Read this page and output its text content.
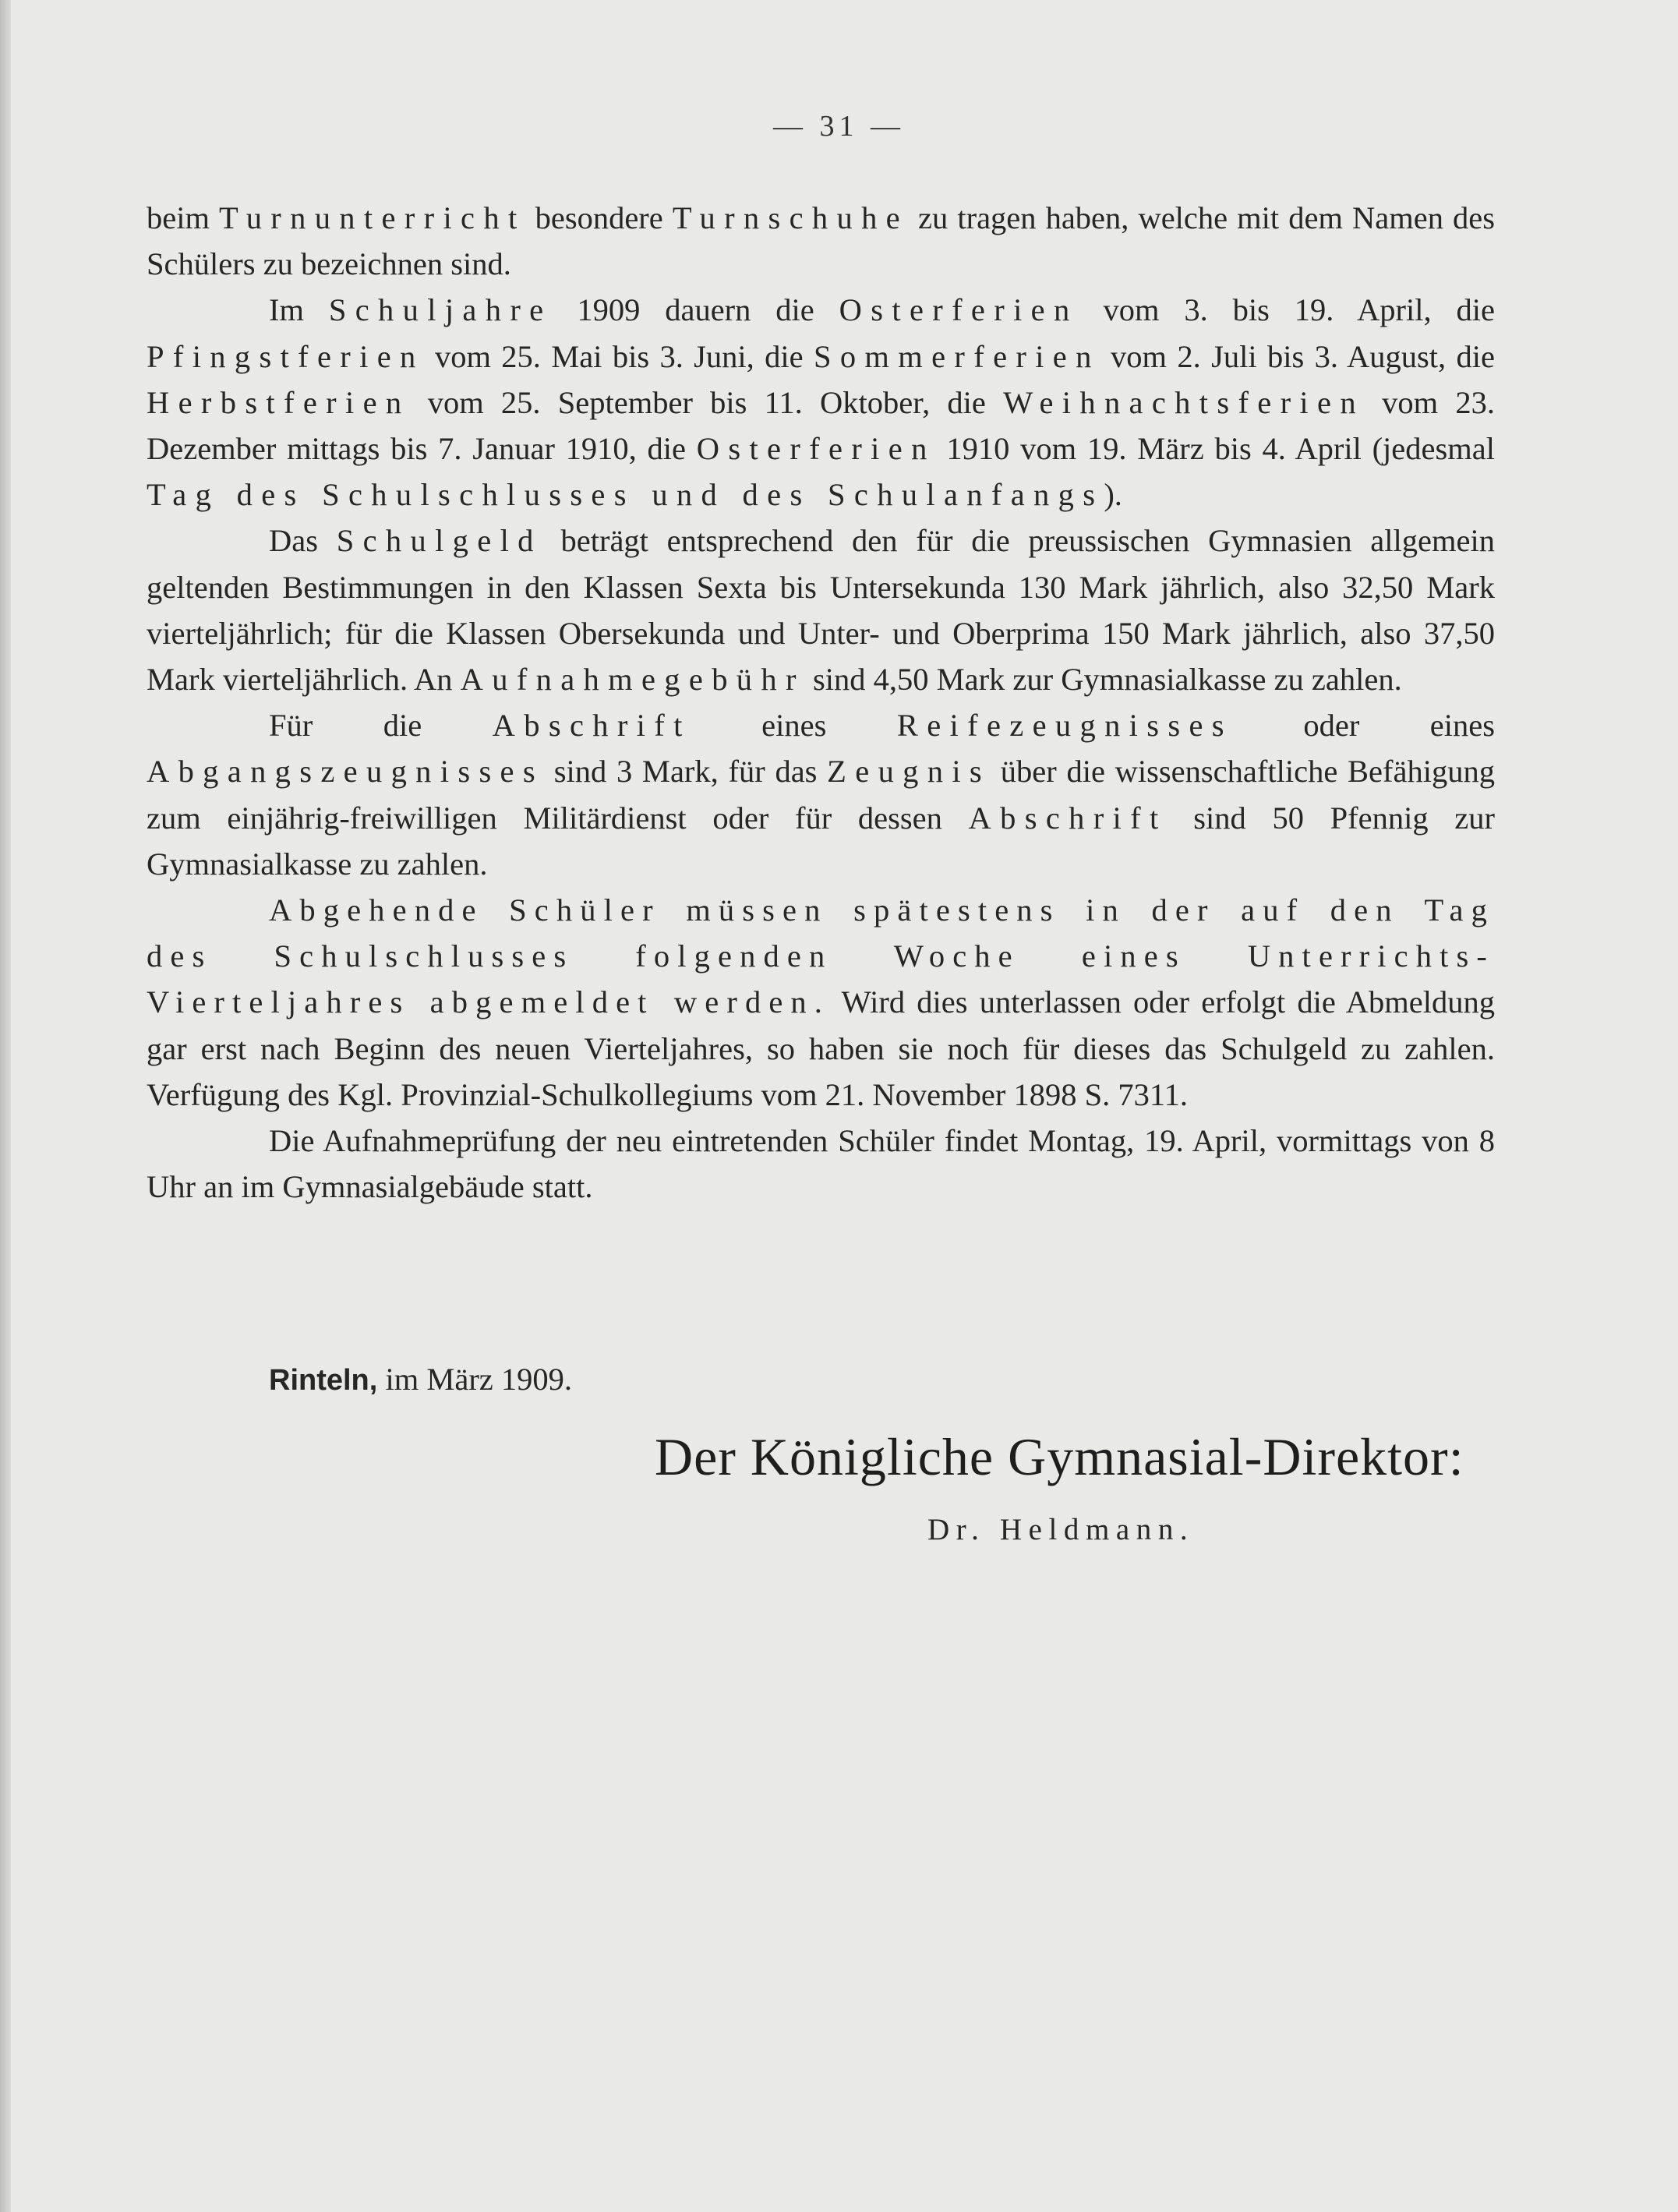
— 31 —

beim Turnunterricht besondere Turnschuhe zu tragen haben, welche mit dem Namen des Schülers zu bezeichnen sind.

Im Schuljahre 1909 dauern die Osterferien vom 3. bis 19. April, die Pfingstferien vom 25. Mai bis 3. Juni, die Sommerferien vom 2. Juli bis 3. August, die Herbstferien vom 25. September bis 11. Oktober, die Weihnachtsferien vom 23. Dezember mittags bis 7. Januar 1910, die Osterferien 1910 vom 19. März bis 4. April (jedesmal Tag des Schulschlusses und des Schulanfangs).

Das Schulgeld beträgt entsprechend den für die preussischen Gymnasien allgemein geltenden Bestimmungen in den Klassen Sexta bis Untersekunda 130 Mark jährlich, also 32,50 Mark vierteljährlich; für die Klassen Obersekunda und Unter- und Oberprima 150 Mark jährlich, also 37,50 Mark vierteljährlich. An Aufnahmegebühr sind 4,50 Mark zur Gymnasialkasse zu zahlen.

Für die Abschrift eines Reifezeugnisses oder eines Abgangszeugnisses sind 3 Mark, für das Zeugnis über die wissenschaftliche Befähigung zum einjährig-freiwilligen Militärdienst oder für dessen Abschrift sind 50 Pfennig zur Gymnasialkasse zu zahlen.

Abgehende Schüler müssen spätestens in der auf den Tag des Schulschlusses folgenden Woche eines Unterrichts-Vierteljahres abgemeldet werden. Wird dies unterlassen oder erfolgt die Abmeldung gar erst nach Beginn des neuen Vierteljahres, so haben sie noch für dieses das Schulgeld zu zahlen. Verfügung des Kgl. Provinzial-Schulkollegiums vom 21. November 1898 S. 7311.

Die Aufnahmeprüfung der neu eintretenden Schüler findet Montag, 19. April, vormittags von 8 Uhr an im Gymnasialgebäude statt.

Rinteln, im März 1909.
Der Königliche Gymnasial-Direktor:
Dr. Heldmann.
